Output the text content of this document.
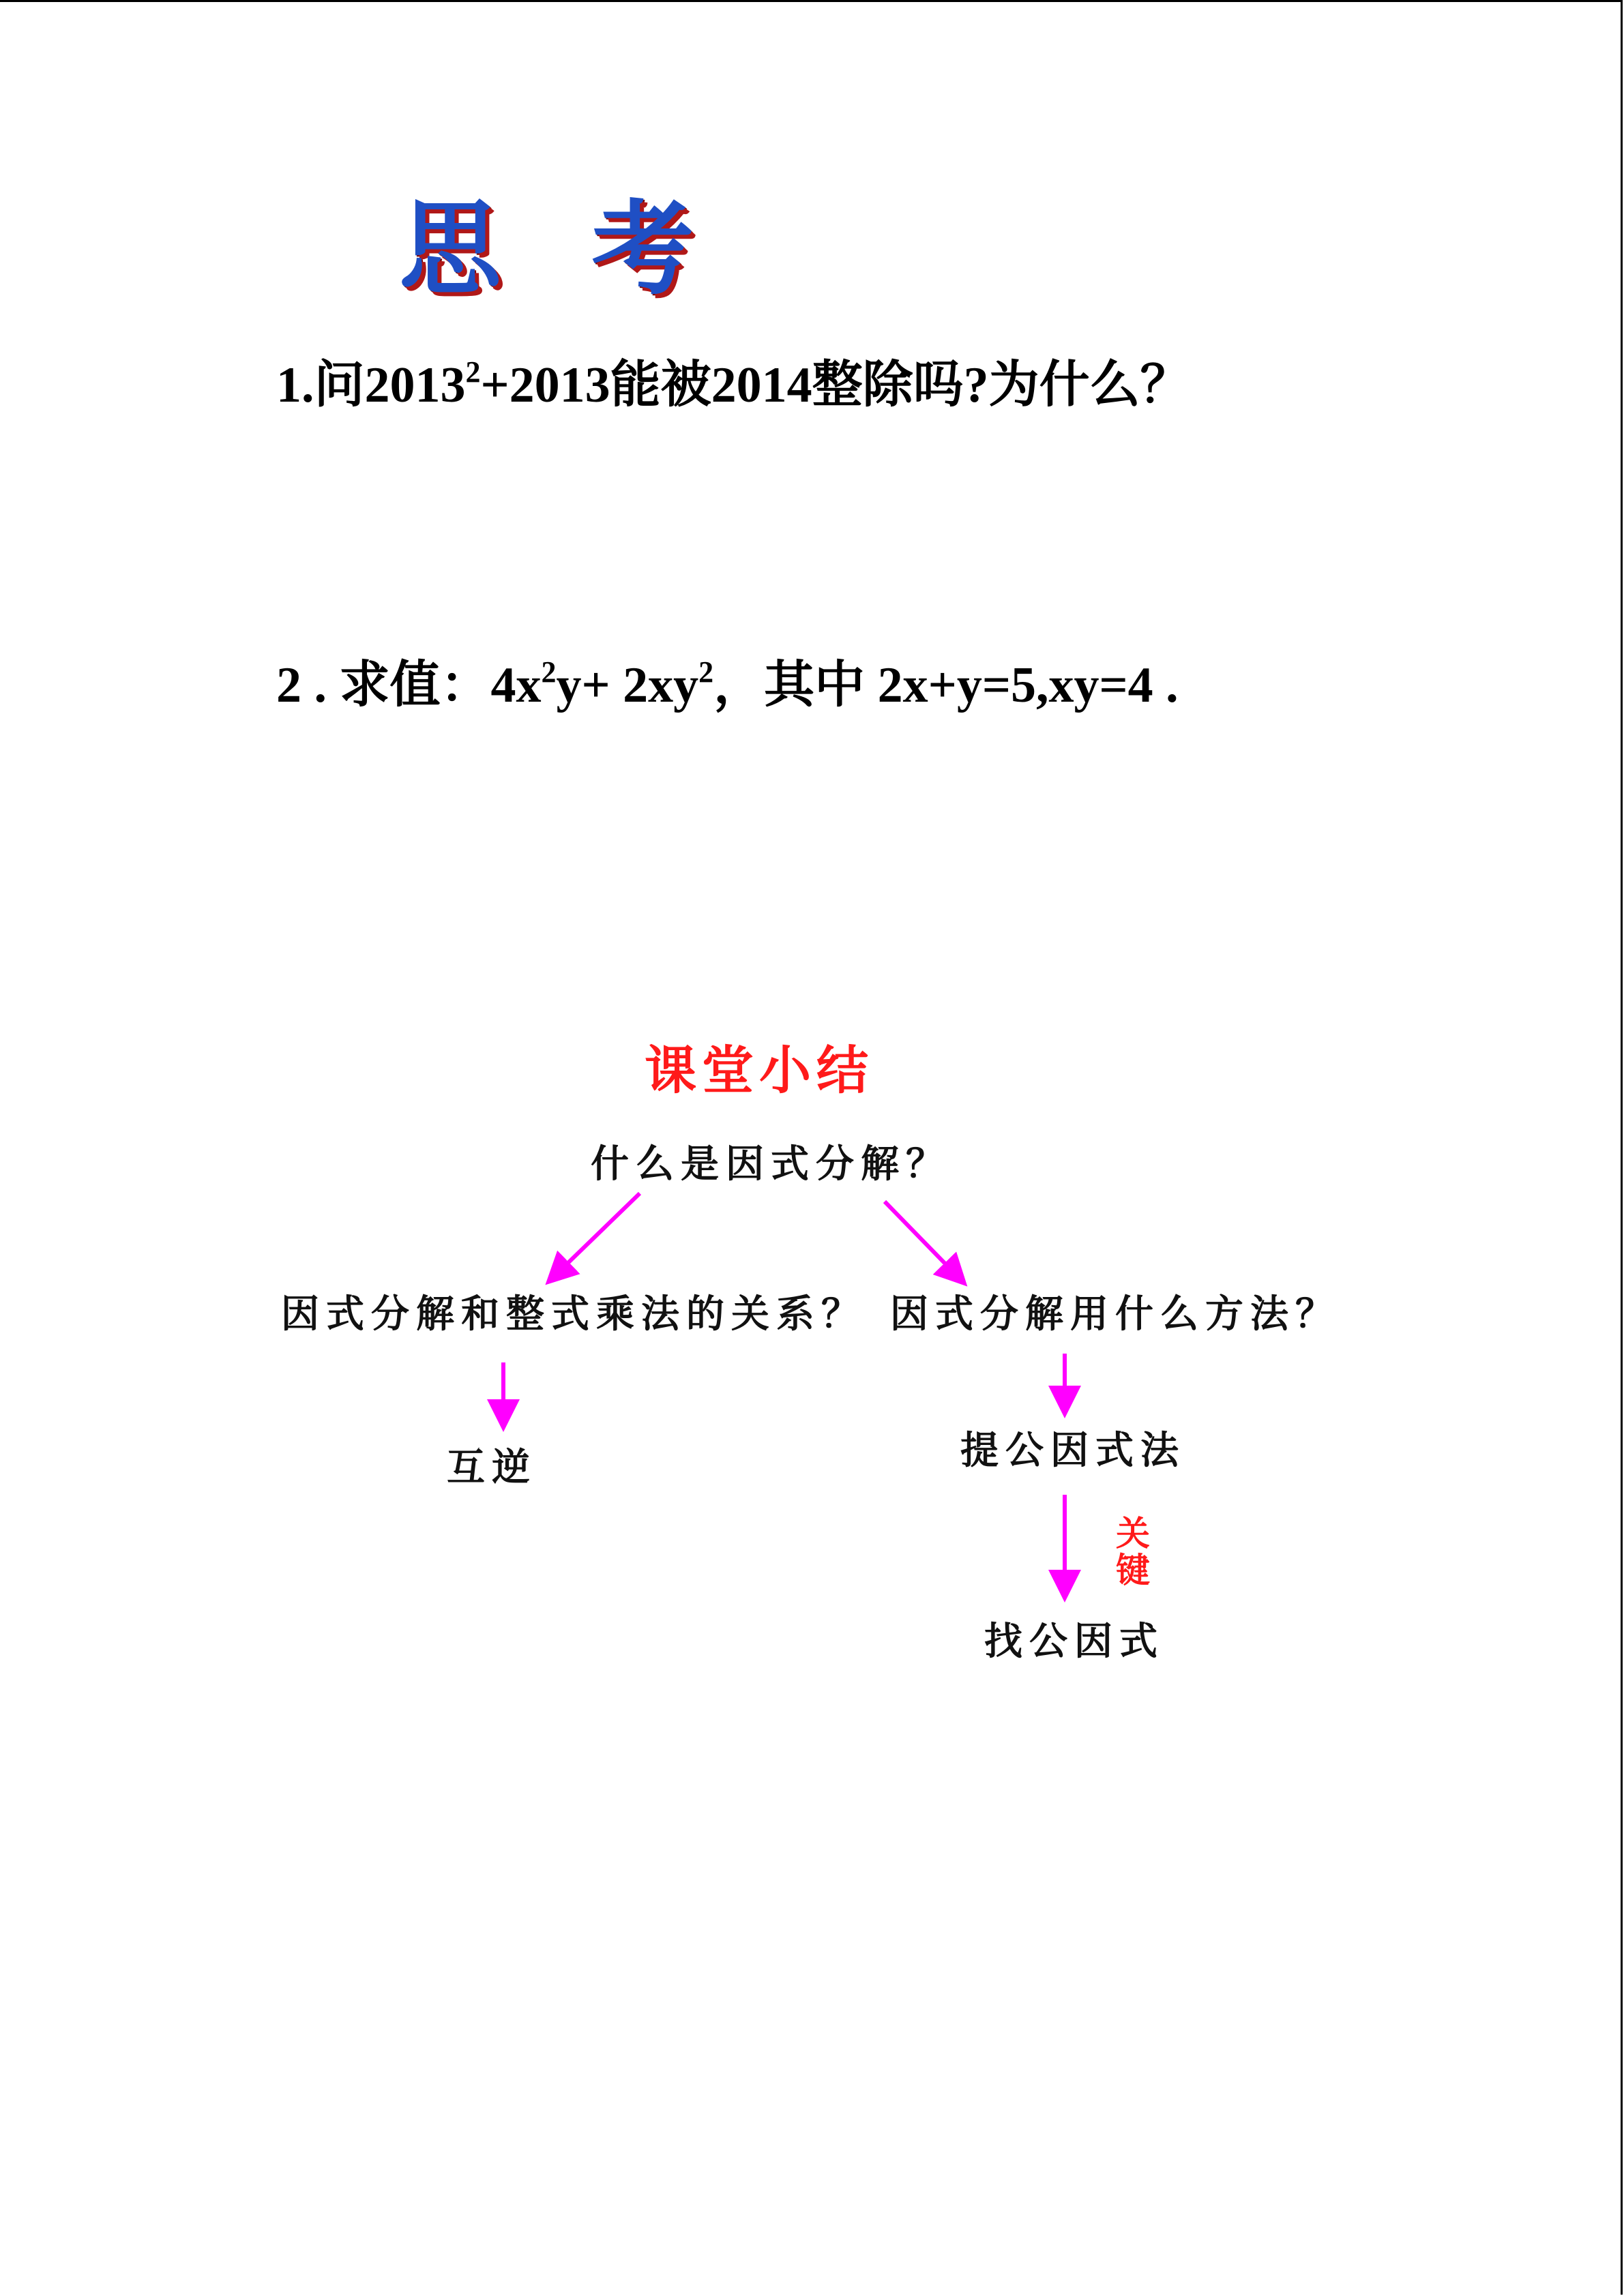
思 考
1.问$2013^2+2013$能被2014整除吗?为什么？
2 . 求值：$4x^2y+ 2xy^2$，其中 2x+y=5,xy=4 .
课堂小结
什么是因式分解？
因式分解和整式乘法的关系？ 因式分解用什么方法？
互逆	提公因式法
关键
找公因式
